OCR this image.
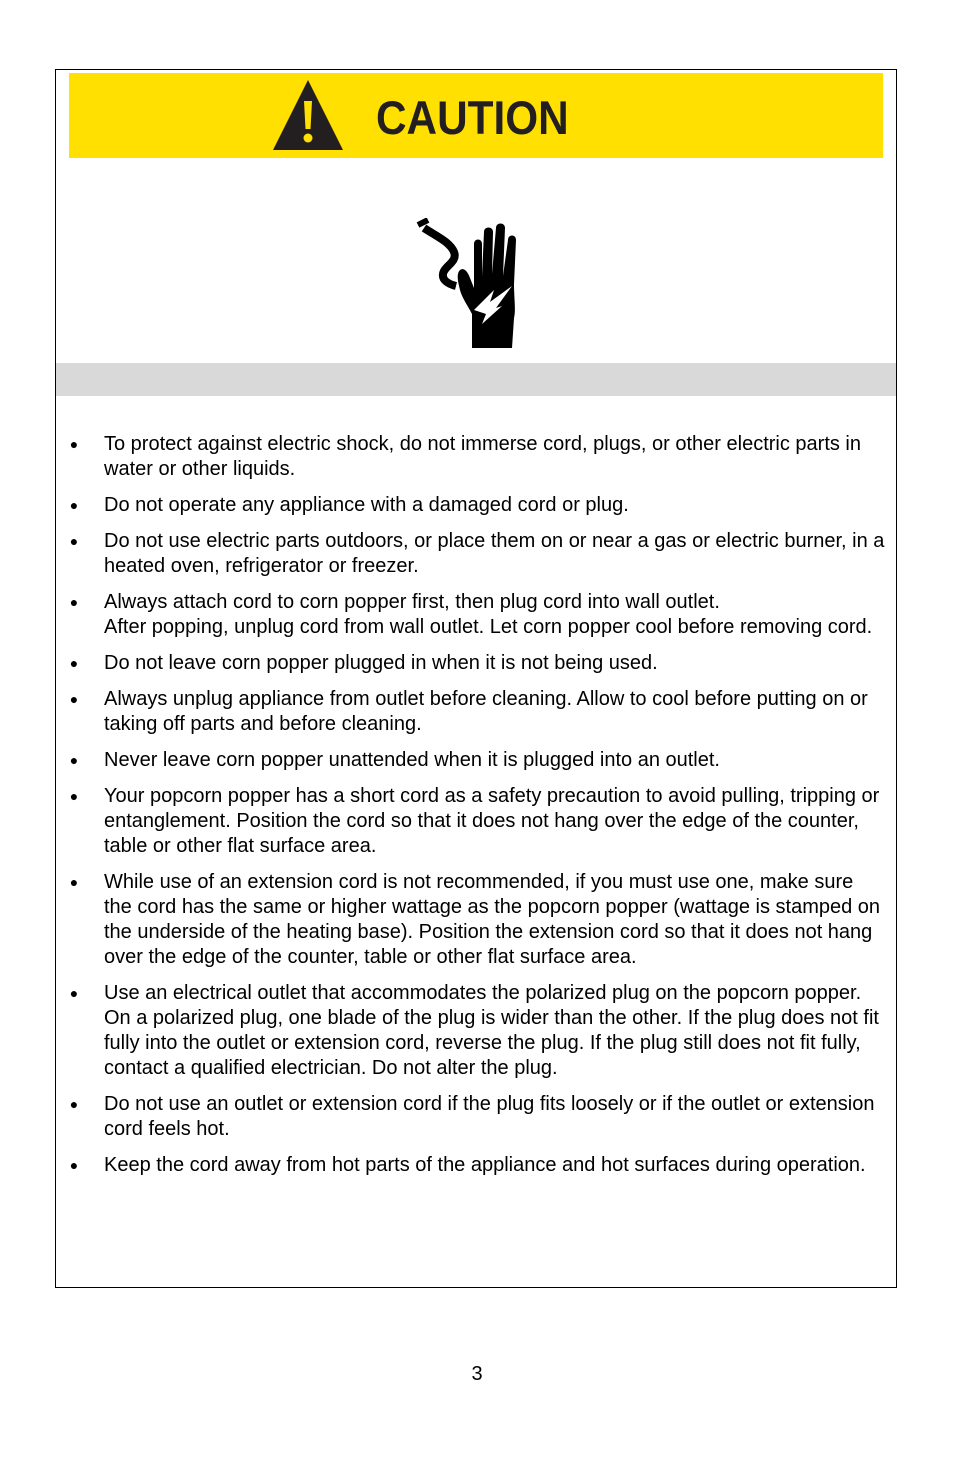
CAUTION
● To protect against electric shock, do not immerse cord, plugs, or other electric parts in water or other liquids.
● Do not operate any appliance with a damaged cord or plug.
● Do not use electric parts outdoors, or place them on or near a gas or electric burner, in a heated oven, refrigerator or freezer.
● Always attach cord to corn popper first, then plug cord into wall outlet.
After popping, unplug cord from wall outlet. Let corn popper cool before removing cord.
● Do not leave corn popper plugged in when it is not being used.
● Always unplug appliance from outlet before cleaning. Allow to cool before putting on or taking off parts and before cleaning.
● Never leave corn popper unattended when it is plugged into an outlet.
● Your popcorn popper has a short cord as a safety precaution to avoid pulling, tripping or entanglement. Position the cord so that it does not hang over the edge of the counter, table or other flat surface area.
● While use of an extension cord is not recommended, if you must use one, make sure the cord has the same or higher wattage as the popcorn popper (wattage is stamped on the underside of the heating base). Position the extension cord so that it does not hang over the edge of the counter, table or other flat surface area.
● Use an electrical outlet that accommodates the polarized plug on the popcorn popper. On a polarized plug, one blade of the plug is wider than the other. If the plug does not fit fully into the outlet or extension cord, reverse the plug. If the plug still does not fit fully, contact a qualified electrician. Do not alter the plug.
● Do not use an outlet or extension cord if the plug fits loosely or if the outlet or extension cord feels hot.
● Keep the cord away from hot parts of the appliance and hot surfaces during operation.
3
